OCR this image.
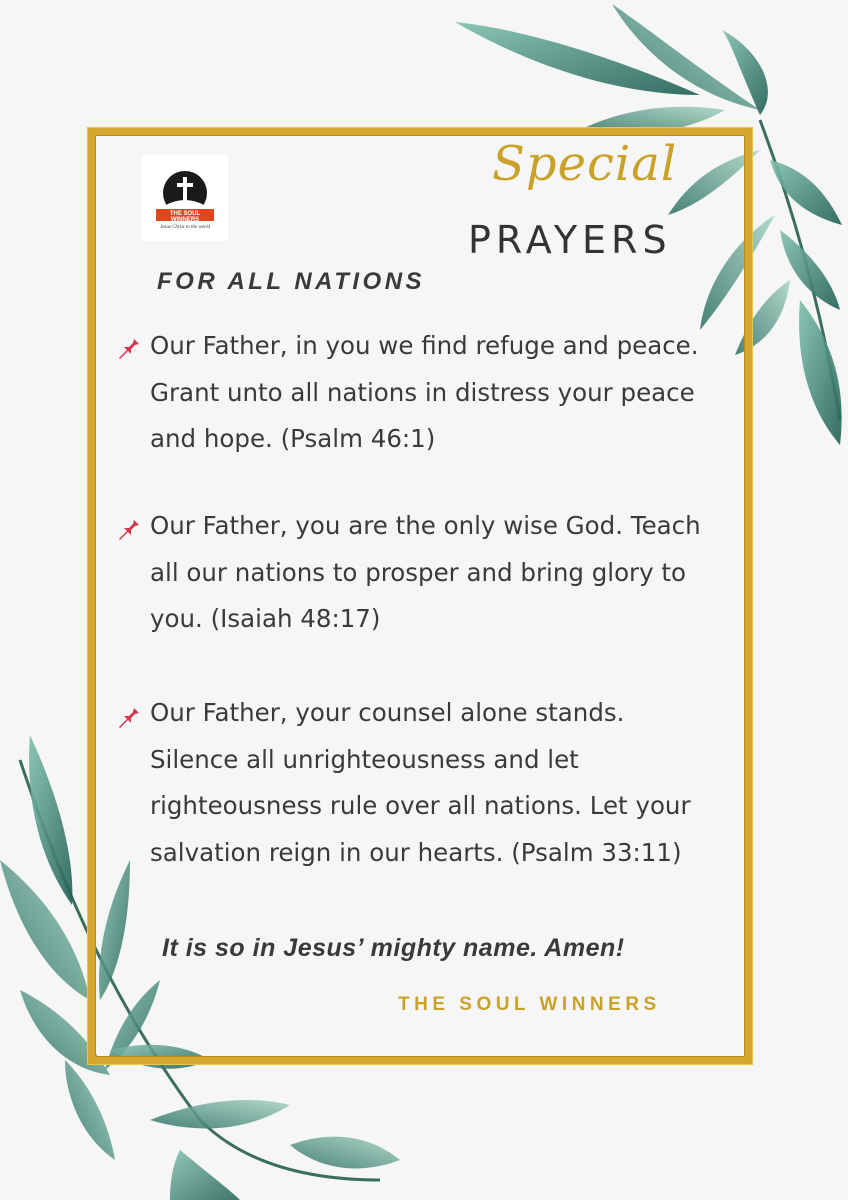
THE SOUL WINNERS
Jesus Christ to the world
Special
PRAYERS
FOR ALL NATIONS
Our Father, in you we find refuge and peace. Grant unto all nations in distress your peace and hope. (Psalm 46:1)
Our Father, you are the only wise God. Teach all our nations to prosper and bring glory to you. (Isaiah 48:17)
Our Father, your counsel alone stands. Silence all unrighteousness and let righteousness rule over all nations. Let your salvation reign in our hearts. (Psalm 33:11)
It is so in Jesus’ mighty name. Amen!
THE SOUL WINNERS
